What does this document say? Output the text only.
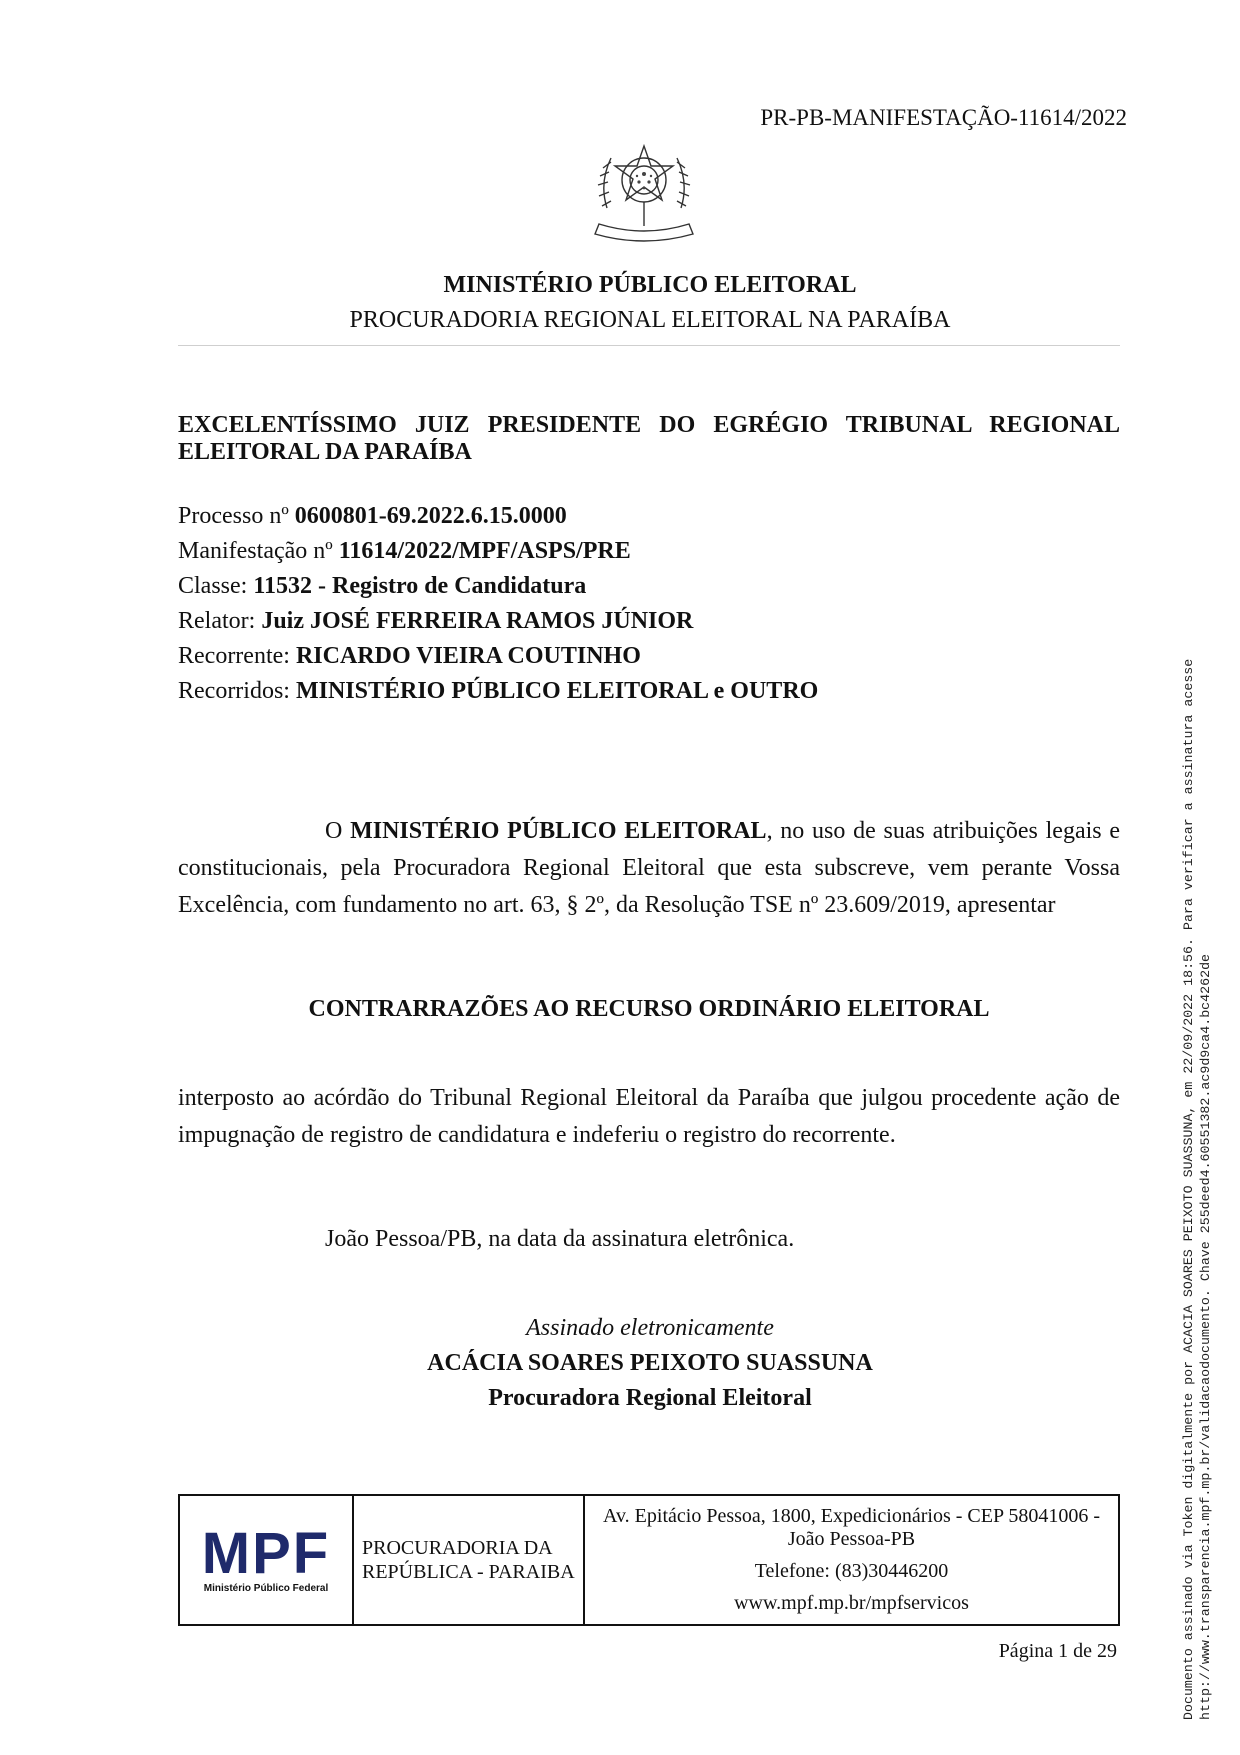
PR-PB-MANIFESTAÇÃO-11614/2022
MINISTÉRIO PÚBLICO ELEITORAL
PROCURADORIA REGIONAL ELEITORAL NA PARAÍBA
EXCELENTÍSSIMO JUIZ PRESIDENTE DO EGRÉGIO TRIBUNAL REGIONAL ELEITORAL DA PARAÍBA
Processo nº 0600801-69.2022.6.15.0000
Manifestação nº 11614/2022/MPF/ASPS/PRE
Classe: 11532 - Registro de Candidatura
Relator: Juiz JOSÉ FERREIRA RAMOS JÚNIOR
Recorrente: RICARDO VIEIRA COUTINHO
Recorridos: MINISTÉRIO PÚBLICO ELEITORAL e OUTRO

O MINISTÉRIO PÚBLICO ELEITORAL, no uso de suas atribuições legais e constitucionais, pela Procuradora Regional Eleitoral que esta subscreve, vem perante Vossa Excelência, com fundamento no art. 63, § 2º, da Resolução TSE nº 23.609/2019, apresentar

CONTRARRAZÕES AO RECURSO ORDINÁRIO ELEITORAL

interposto ao acórdão do Tribunal Regional Eleitoral da Paraíba que julgou procedente ação de impugnação de registro de candidatura e indeferiu o registro do recorrente.

João Pessoa/PB, na data da assinatura eletrônica.
Assinado eletronicamente
ACÁCIA SOARES PEIXOTO SUASSUNA
Procuradora Regional Eleitoral
MPF
Ministério Público Federal
PROCURADORIA DA REPÚBLICA - PARAIBA
Av. Epitácio Pessoa, 1800, Expedicionários - CEP 58041006 - João Pessoa-PB
Telefone: (83)30446200
www.mpf.mp.br/mpfservicos
Página 1 de 29	Documento assinado via Token digitalmente por ACACIA SOARES PEIXOTO SUASSUNA, em 22/09/2022 18:56. Para verificar a assinatura acesse http://www.transparencia.mpf.mp.br/validacaodocumento. Chave 255deed4.60551382.ac9d9ca4.bc4262de
